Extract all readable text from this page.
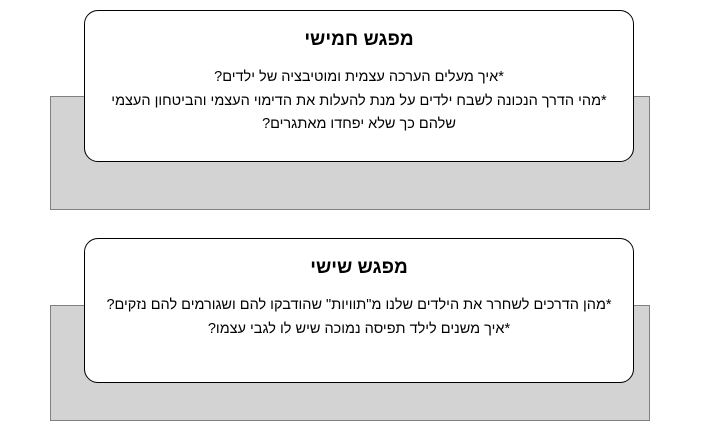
מפגש חמישי

*איך מעלים הערכה עצמית ומוטיבציה של ילדים?

*מהי הדרך הנכונה לשבח ילדים על מנת להעלות את הדימוי העצמי והביטחון העצמי שלהם כך שלא יפחדו מאתגרים?

מפגש שישי

*מהן הדרכים לשחרר את הילדים שלנו מ"תוויות" שהודבקו להם ושגורמים להם נזקים?

*איך משנים לילד תפיסה נמוכה שיש לו לגבי עצמו?
